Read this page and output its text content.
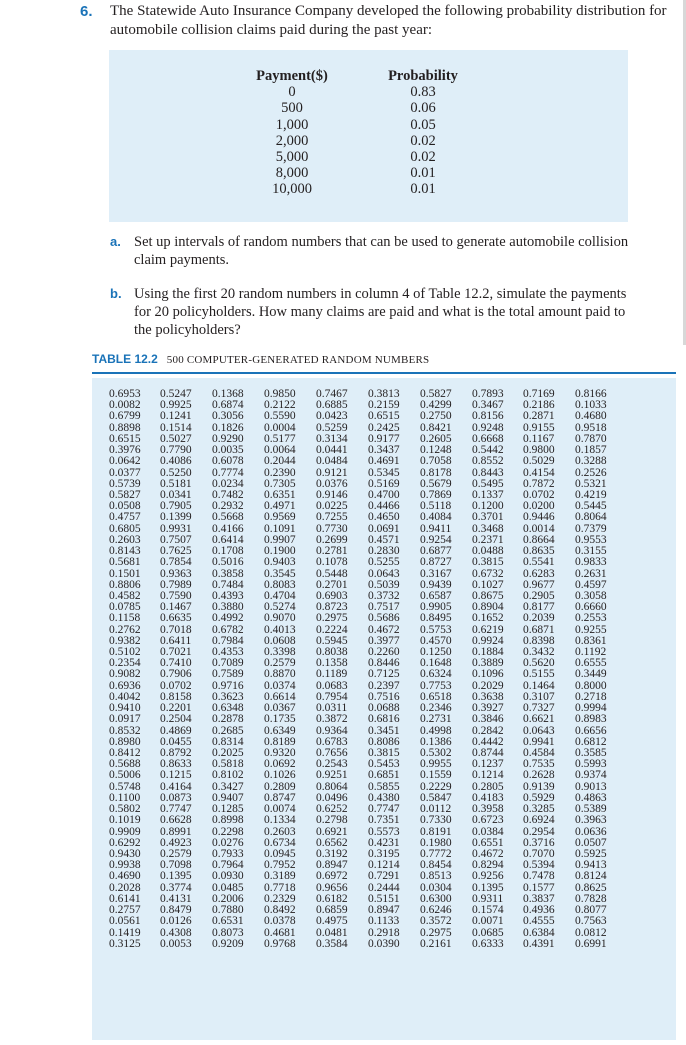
6. The Statewide Auto Insurance Company developed the following probability distribution for automobile collision claims paid during the past year:
Payment($)
0
500
1,000
2,000
5,000
8,000
10,000
Probability
0.83
0.06
0.05
0.02
0.02
0.01
0.01
a. Set up intervals of random numbers that can be used to generate automobile collision claim payments.
b. Using the first 20 random numbers in column 4 of Table 12.2, simulate the payments for 20 policyholders. How many claims are paid and what is the total amount paid to the policyholders?
TABLE 12.2 500 COMPUTER-GENERATED RANDOM NUMBERS
0.6953 0.5247 0.1368 0.9850 0.7467 0.3813 0.5827 0.7893 0.7169 0.8166
0.0082 0.9925 0.6874 0.2122 0.6885 0.2159 0.4299 0.3467 0.2186 0.1033
0.6799 0.1241 0.3056 0.5590 0.0423 0.6515 0.2750 0.8156 0.2871 0.4680
0.8898 0.1514 0.1826 0.0004 0.5259 0.2425 0.8421 0.9248 0.9155 0.9518
0.6515 0.5027 0.9290 0.5177 0.3134 0.9177 0.2605 0.6668 0.1167 0.7870
0.3976 0.7790 0.0035 0.0064 0.0441 0.3437 0.1248 0.5442 0.9800 0.1857
0.0642 0.4086 0.6078 0.2044 0.0484 0.4691 0.7058 0.8552 0.5029 0.3288
0.0377 0.5250 0.7774 0.2390 0.9121 0.5345 0.8178 0.8443 0.4154 0.2526
0.5739 0.5181 0.0234 0.7305 0.0376 0.5169 0.5679 0.5495 0.7872 0.5321
0.5827 0.0341 0.7482 0.6351 0.9146 0.4700 0.7869 0.1337 0.0702 0.4219
0.0508 0.7905 0.2932 0.4971 0.0225 0.4466 0.5118 0.1200 0.0200 0.5445
0.4757 0.1399 0.5668 0.9569 0.7255 0.4650 0.4084 0.3701 0.9446 0.8064
0.6805 0.9931 0.4166 0.1091 0.7730 0.0691 0.9411 0.3468 0.0014 0.7379
0.2603 0.7507 0.6414 0.9907 0.2699 0.4571 0.9254 0.2371 0.8664 0.9553
0.8143 0.7625 0.1708 0.1900 0.2781 0.2830 0.6877 0.0488 0.8635 0.3155
0.5681 0.7854 0.5016 0.9403 0.1078 0.5255 0.8727 0.3815 0.5541 0.9833
0.1501 0.9363 0.3858 0.3545 0.5448 0.0643 0.3167 0.6732 0.6283 0.2631
0.8806 0.7989 0.7484 0.8083 0.2701 0.5039 0.9439 0.1027 0.9677 0.4597
0.4582 0.7590 0.4393 0.4704 0.6903 0.3732 0.6587 0.8675 0.2905 0.3058
0.0785 0.1467 0.3880 0.5274 0.8723 0.7517 0.9905 0.8904 0.8177 0.6660
0.1158 0.6635 0.4992 0.9070 0.2975 0.5686 0.8495 0.1652 0.2039 0.2553
0.2762 0.7018 0.6782 0.4013 0.2224 0.4672 0.5753 0.6219 0.6871 0.9255
0.9382 0.6411 0.7984 0.0608 0.5945 0.3977 0.4570 0.9924 0.8398 0.8361
0.5102 0.7021 0.4353 0.3398 0.8038 0.2260 0.1250 0.1884 0.3432 0.1192
0.2354 0.7410 0.7089 0.2579 0.1358 0.8446 0.1648 0.3889 0.5620 0.6555
0.9082 0.7906 0.7589 0.8870 0.1189 0.7125 0.6324 0.1096 0.5155 0.3449
0.6936 0.0702 0.9716 0.0374 0.0683 0.2397 0.7753 0.2029 0.1464 0.8000
0.4042 0.8158 0.3623 0.6614 0.7954 0.7516 0.6518 0.3638 0.3107 0.2718
0.9410 0.2201 0.6348 0.0367 0.0311 0.0688 0.2346 0.3927 0.7327 0.9994
0.0917 0.2504 0.2878 0.1735 0.3872 0.6816 0.2731 0.3846 0.6621 0.8983
0.8532 0.4869 0.2685 0.6349 0.9364 0.3451 0.4998 0.2842 0.0643 0.6656
0.8980 0.0455 0.8314 0.8189 0.6783 0.8086 0.1386 0.4442 0.9941 0.6812
0.8412 0.8792 0.2025 0.9320 0.7656 0.3815 0.5302 0.8744 0.4584 0.3585
0.5688 0.8633 0.5818 0.0692 0.2543 0.5453 0.9955 0.1237 0.7535 0.5993
0.5006 0.1215 0.8102 0.1026 0.9251 0.6851 0.1559 0.1214 0.2628 0.9374
0.5748 0.4164 0.3427 0.2809 0.8064 0.5855 0.2229 0.2805 0.9139 0.9013
0.1100 0.0873 0.9407 0.8747 0.0496 0.4380 0.5847 0.4183 0.5929 0.4863
0.5802 0.7747 0.1285 0.0074 0.6252 0.7747 0.0112 0.3958 0.3285 0.5389
0.1019 0.6628 0.8998 0.1334 0.2798 0.7351 0.7330 0.6723 0.6924 0.3963
0.9909 0.8991 0.2298 0.2603 0.6921 0.5573 0.8191 0.0384 0.2954 0.0636
0.6292 0.4923 0.0276 0.6734 0.6562 0.4231 0.1980 0.6551 0.3716 0.0507
0.9430 0.2579 0.7933 0.0945 0.3192 0.3195 0.7772 0.4672 0.7070 0.5925
0.9938 0.7098 0.7964 0.7952 0.8947 0.1214 0.8454 0.8294 0.5394 0.9413
0.4690 0.1395 0.0930 0.3189 0.6972 0.7291 0.8513 0.9256 0.7478 0.8124
0.2028 0.3774 0.0485 0.7718 0.9656 0.2444 0.0304 0.1395 0.1577 0.8625
0.6141 0.4131 0.2006 0.2329 0.6182 0.5151 0.6300 0.9311 0.3837 0.7828
0.2757 0.8479 0.7880 0.8492 0.6859 0.8947 0.6246 0.1574 0.4936 0.8077
0.0561 0.0126 0.6531 0.0378 0.4975 0.1133 0.3572 0.0071 0.4555 0.7563
0.1419 0.4308 0.8073 0.4681 0.0481 0.2918 0.2975 0.0685 0.6384 0.0812
0.3125 0.0053 0.9209 0.9768 0.3584 0.0390 0.2161 0.6333 0.4391 0.6991
